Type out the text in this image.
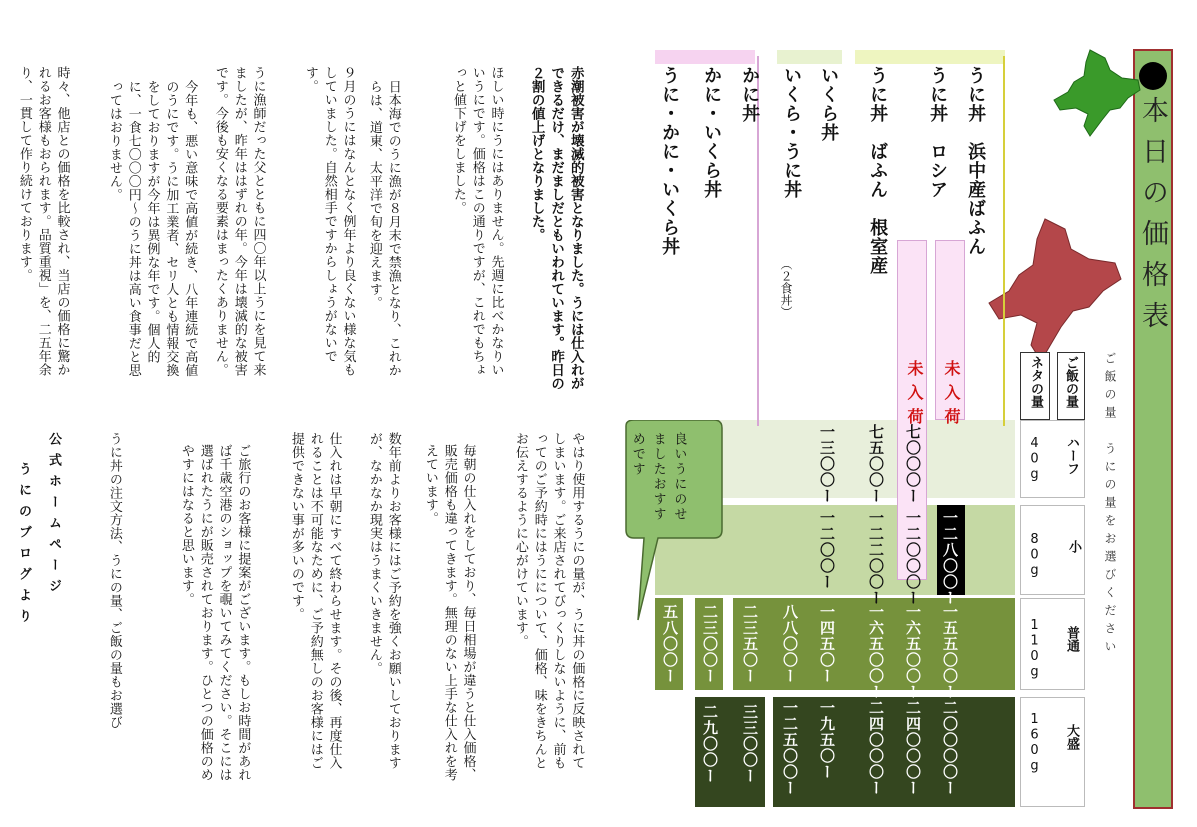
本日の価格表
ご飯の量　うにの量をお選びください
ご飯の量
ネタの量
ハーフ
40g
小
80g
普通
110g
大盛
160g
うに丼　浜中産ばふん
うに丼　ロシア
うに丼　ばふん　根室産
いくら丼
いくら・うに丼
（２食丼）
かに丼
かに・いくら丼
うに・かに・いくら丼
未入荷
未入荷
一二八〇〇ー
一五五〇〇ー
二〇〇〇〇ー
七〇〇〇ー
一二〇〇〇ー
一六五〇〇ー
二四〇〇〇ー
七五〇〇ー
一二二〇〇ー
一六五〇〇ー
二四〇〇〇ー
一三〇〇ー
一二〇〇ー
一四五〇ー
一九五〇ー
八八〇〇ー
一二五〇〇ー
二三五〇ー
三三〇〇ー
二三〇〇ー
二九〇〇ー
五八〇〇ー
良いうにのせましたおすすめです
赤潮被害が壊滅的被害となりました。うには仕入れができるだけ、まだましだともいわれています。昨日の２割の値上げとなりました。
ほしい時にうにはありません。先週に比べかなりいいうにです。価格はこの通りですが、これでもちょっと値下げをしました。
日本海でのうに漁が８月末で禁漁となり、これからは、道東、太平洋で旬を迎えます。
９月のうにはなんとなく例年より良くない様な気もしていました。自然相手ですからしょうがないです。
うに漁師だった父とともに四〇年以上うにを見て来ましたが、昨年ははずれの年。今年は壊滅的な被害です。今後も安くなる要素はまったくありません。
今年も、悪い意味で高値が続き、八年連続で高値のうにです。うに加工業者、セリ人とも情報交換をしておりますが今年は異例な年です。個人的に、一食七〇〇〇円～のうに丼は高い食事だと思ってはおりません。
時々、他店との価格を比較され、当店の価格に驚かれるお客様もおられます。品質重視」を、二五年余り、一貫して作り続けております。
やはり使用するうにの量が、うに丼の価格に反映されてしまいます。ご来店されてびっくりしないように、前もってのご予約時にはうにについて、価格、味をきちんとお伝えするように心がけています。
毎朝の仕入れをしており、毎日相場が違うと仕入価格、販売価格も違ってきます。無理のない上手な仕入れを考えています。
数年前よりお客様にはご予約を強くお願いしておりますが、なかなか現実はうまくいきません。
仕入れは早朝にすべて終わらせます。その後、再度仕入れることは不可能なために、ご予約無しのお客様にはご提供できない事が多いのです。
ご旅行のお客様に提案がございます。もしお時間があれば千歳空港のショップを覗いてみてください。そこには選ばれたうにが販売されております。ひとつの価格のめやすにはなると思います。
うに丼の注文方法、うにの量、ご飯の量もお選び
公式ホームページ
うにのブログより
